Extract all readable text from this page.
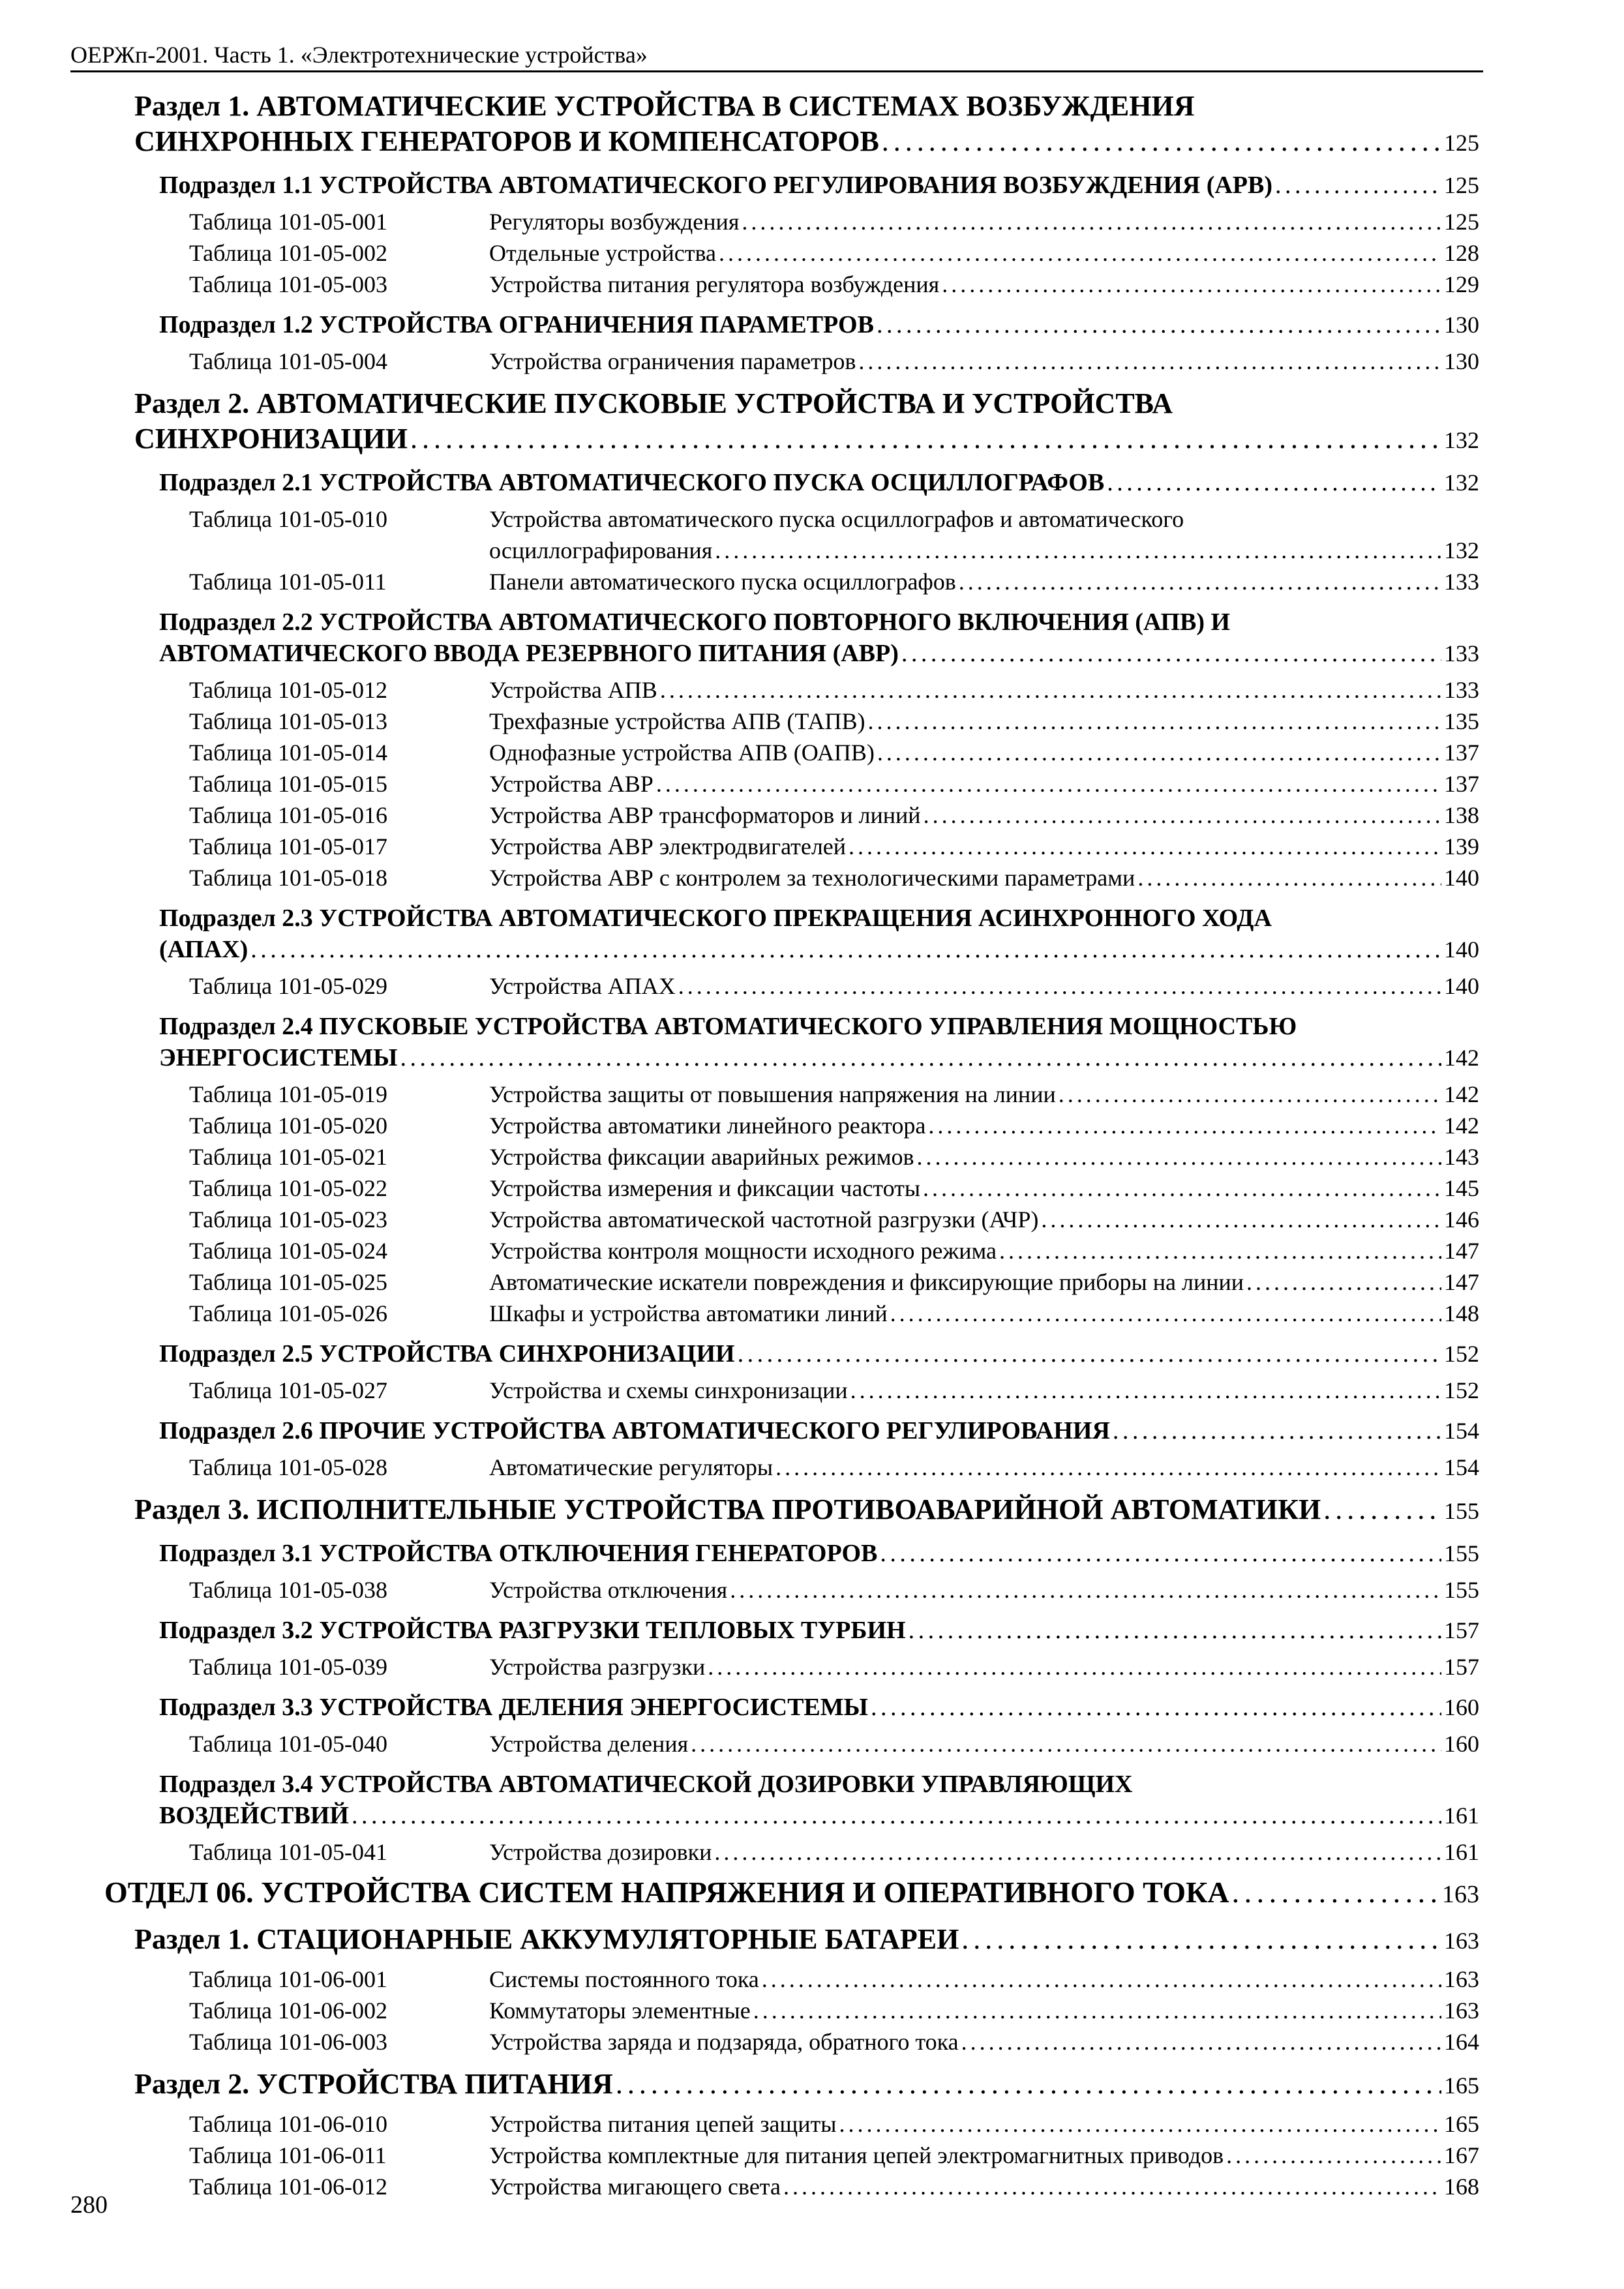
ОЕРЖп-2001. Часть 1. «Электротехнические устройства»
Раздел 1. АВТОМАТИЧЕСКИЕ УСТРОЙСТВА В СИСТЕМАХ ВОЗБУЖДЕНИЯ
СИНХРОННЫХ ГЕНЕРАТОРОВ И КОМПЕНСАТОРОВ . . .	125
Подраздел 1.1 УСТРОЙСТВА АВТОМАТИЧЕСКОГО РЕГУЛИРОВАНИЯ ВОЗБУЖДЕНИЯ (АРВ) . . .	125
Таблица 101-05-001	Регуляторы возбуждения . . .	125
Таблица 101-05-002	Отдельные устройства . . .	128
Таблица 101-05-003	Устройства питания регулятора возбуждения . . .	129
Подраздел 1.2 УСТРОЙСТВА ОГРАНИЧЕНИЯ ПАРАМЕТРОВ . . .	130
Таблица 101-05-004	Устройства ограничения параметров . . .	130
Раздел 2. АВТОМАТИЧЕСКИЕ ПУСКОВЫЕ УСТРОЙСТВА И УСТРОЙСТВА
СИНХРОНИЗАЦИИ . . .	132
Подраздел 2.1 УСТРОЙСТВА АВТОМАТИЧЕСКОГО ПУСКА ОСЦИЛЛОГРАФОВ . . .	132
Таблица 101-05-010	Устройства автоматического пуска осциллографов и автоматического
осциллографирования . . .	132
Таблица 101-05-011	Панели автоматического пуска осциллографов . . .	133
Подраздел 2.2 УСТРОЙСТВА АВТОМАТИЧЕСКОГО ПОВТОРНОГО ВКЛЮЧЕНИЯ (АПВ) И
АВТОМАТИЧЕСКОГО ВВОДА РЕЗЕРВНОГО ПИТАНИЯ (АВР) . . .	133
Таблица 101-05-012	Устройства АПВ . . .	133
Таблица 101-05-013	Трехфазные устройства АПВ (ТАПВ) . . .	135
Таблица 101-05-014	Однофазные устройства АПВ (ОАПВ) . . .	137
Таблица 101-05-015	Устройства АВР . . .	137
Таблица 101-05-016	Устройства АВР трансформаторов и линий . . .	138
Таблица 101-05-017	Устройства АВР электродвигателей . . .	139
Таблица 101-05-018	Устройства АВР с контролем за технологическими параметрами . . .	140
Подраздел 2.3 УСТРОЙСТВА АВТОМАТИЧЕСКОГО ПРЕКРАЩЕНИЯ АСИНХРОННОГО ХОДА
(АПАХ) . . .	140
Таблица 101-05-029	Устройства АПАХ . . .	140
Подраздел 2.4 ПУСКОВЫЕ УСТРОЙСТВА АВТОМАТИЧЕСКОГО УПРАВЛЕНИЯ МОЩНОСТЬЮ
ЭНЕРГОСИСТЕМЫ . . .	142
Таблица 101-05-019	Устройства защиты от повышения напряжения на линии . . .	142
Таблица 101-05-020	Устройства автоматики линейного реактора . . .	142
Таблица 101-05-021	Устройства фиксации аварийных режимов . . .	143
Таблица 101-05-022	Устройства измерения и фиксации частоты . . .	145
Таблица 101-05-023	Устройства автоматической частотной разгрузки (АЧР) . . .	146
Таблица 101-05-024	Устройства контроля мощности исходного режима . . .	147
Таблица 101-05-025	Автоматические искатели повреждения и фиксирующие приборы на линии . . .	147
Таблица 101-05-026	Шкафы и устройства автоматики линий . . .	148
Подраздел 2.5 УСТРОЙСТВА СИНХРОНИЗАЦИИ . . .	152
Таблица 101-05-027	Устройства и схемы синхронизации . . .	152
Подраздел 2.6 ПРОЧИЕ УСТРОЙСТВА АВТОМАТИЧЕСКОГО РЕГУЛИРОВАНИЯ . . .	154
Таблица 101-05-028	Автоматические регуляторы . . .	154
Раздел 3. ИСПОЛНИТЕЛЬНЫЕ УСТРОЙСТВА ПРОТИВОАВАРИЙНОЙ АВТОМАТИКИ . . .	155
Подраздел 3.1 УСТРОЙСТВА ОТКЛЮЧЕНИЯ ГЕНЕРАТОРОВ . . .	155
Таблица 101-05-038	Устройства отключения . . .	155
Подраздел 3.2 УСТРОЙСТВА РАЗГРУЗКИ ТЕПЛОВЫХ ТУРБИН . . .	157
Таблица 101-05-039	Устройства разгрузки . . .	157
Подраздел 3.3 УСТРОЙСТВА ДЕЛЕНИЯ ЭНЕРГОСИСТЕМЫ . . .	160
Таблица 101-05-040	Устройства деления . . .	160
Подраздел 3.4 УСТРОЙСТВА АВТОМАТИЧЕСКОЙ ДОЗИРОВКИ УПРАВЛЯЮЩИХ
ВОЗДЕЙСТВИЙ . . .	161
Таблица 101-05-041	Устройства дозировки . . .	161
ОТДЕЛ 06. УСТРОЙСТВА СИСТЕМ НАПРЯЖЕНИЯ И ОПЕРАТИВНОГО ТОКА . . .	163
Раздел 1. СТАЦИОНАРНЫЕ АККУМУЛЯТОРНЫЕ БАТАРЕИ . . .	163
Таблица 101-06-001	Системы постоянного тока . . .	163
Таблица 101-06-002	Коммутаторы элементные . . .	163
Таблица 101-06-003	Устройства заряда и подзаряда, обратного тока . . .	164
Раздел 2. УСТРОЙСТВА ПИТАНИЯ . . .	165
Таблица 101-06-010	Устройства питания цепей защиты . . .	165
Таблица 101-06-011	Устройства комплектные для питания цепей электромагнитных приводов . . .	167
Таблица 101-06-012	Устройства мигающего света . . .	168
280
